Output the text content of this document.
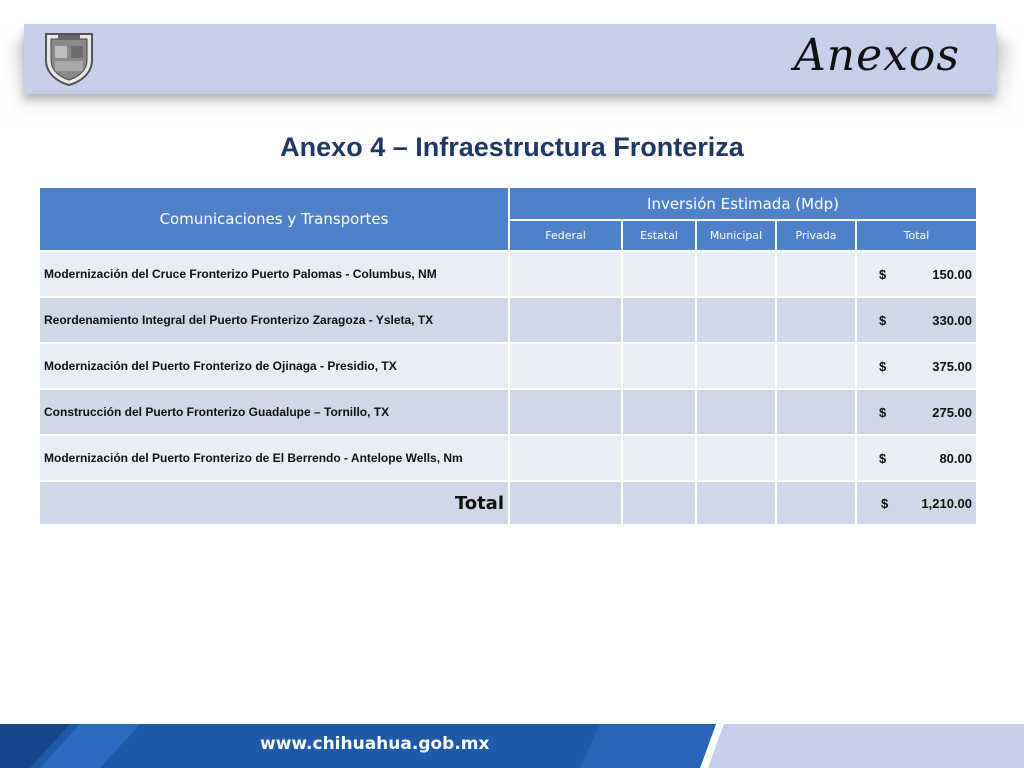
Anexos
Anexo 4 – Infraestructura Fronteriza
Comunicaciones y Transportes	Inversión Estimada (Mdp)				
	Federal	Estatal	Municipal	Privada	Total
Modernización del Cruce Fronterizo Puerto Palomas - Columbus, NM					$ 150.00
Reordenamiento Integral del Puerto Fronterizo Zaragoza - Ysleta, TX					$ 330.00
Modernización del Puerto Fronterizo de Ojinaga - Presidio, TX					$ 375.00
Construcción del Puerto Fronterizo Guadalupe – Tornillo, TX					$ 275.00
Modernización del Puerto Fronterizo de El Berrendo - Antelope Wells, Nm					$ 80.00
Total					$ 1,210.00
www.chihuahua.gob.mx
